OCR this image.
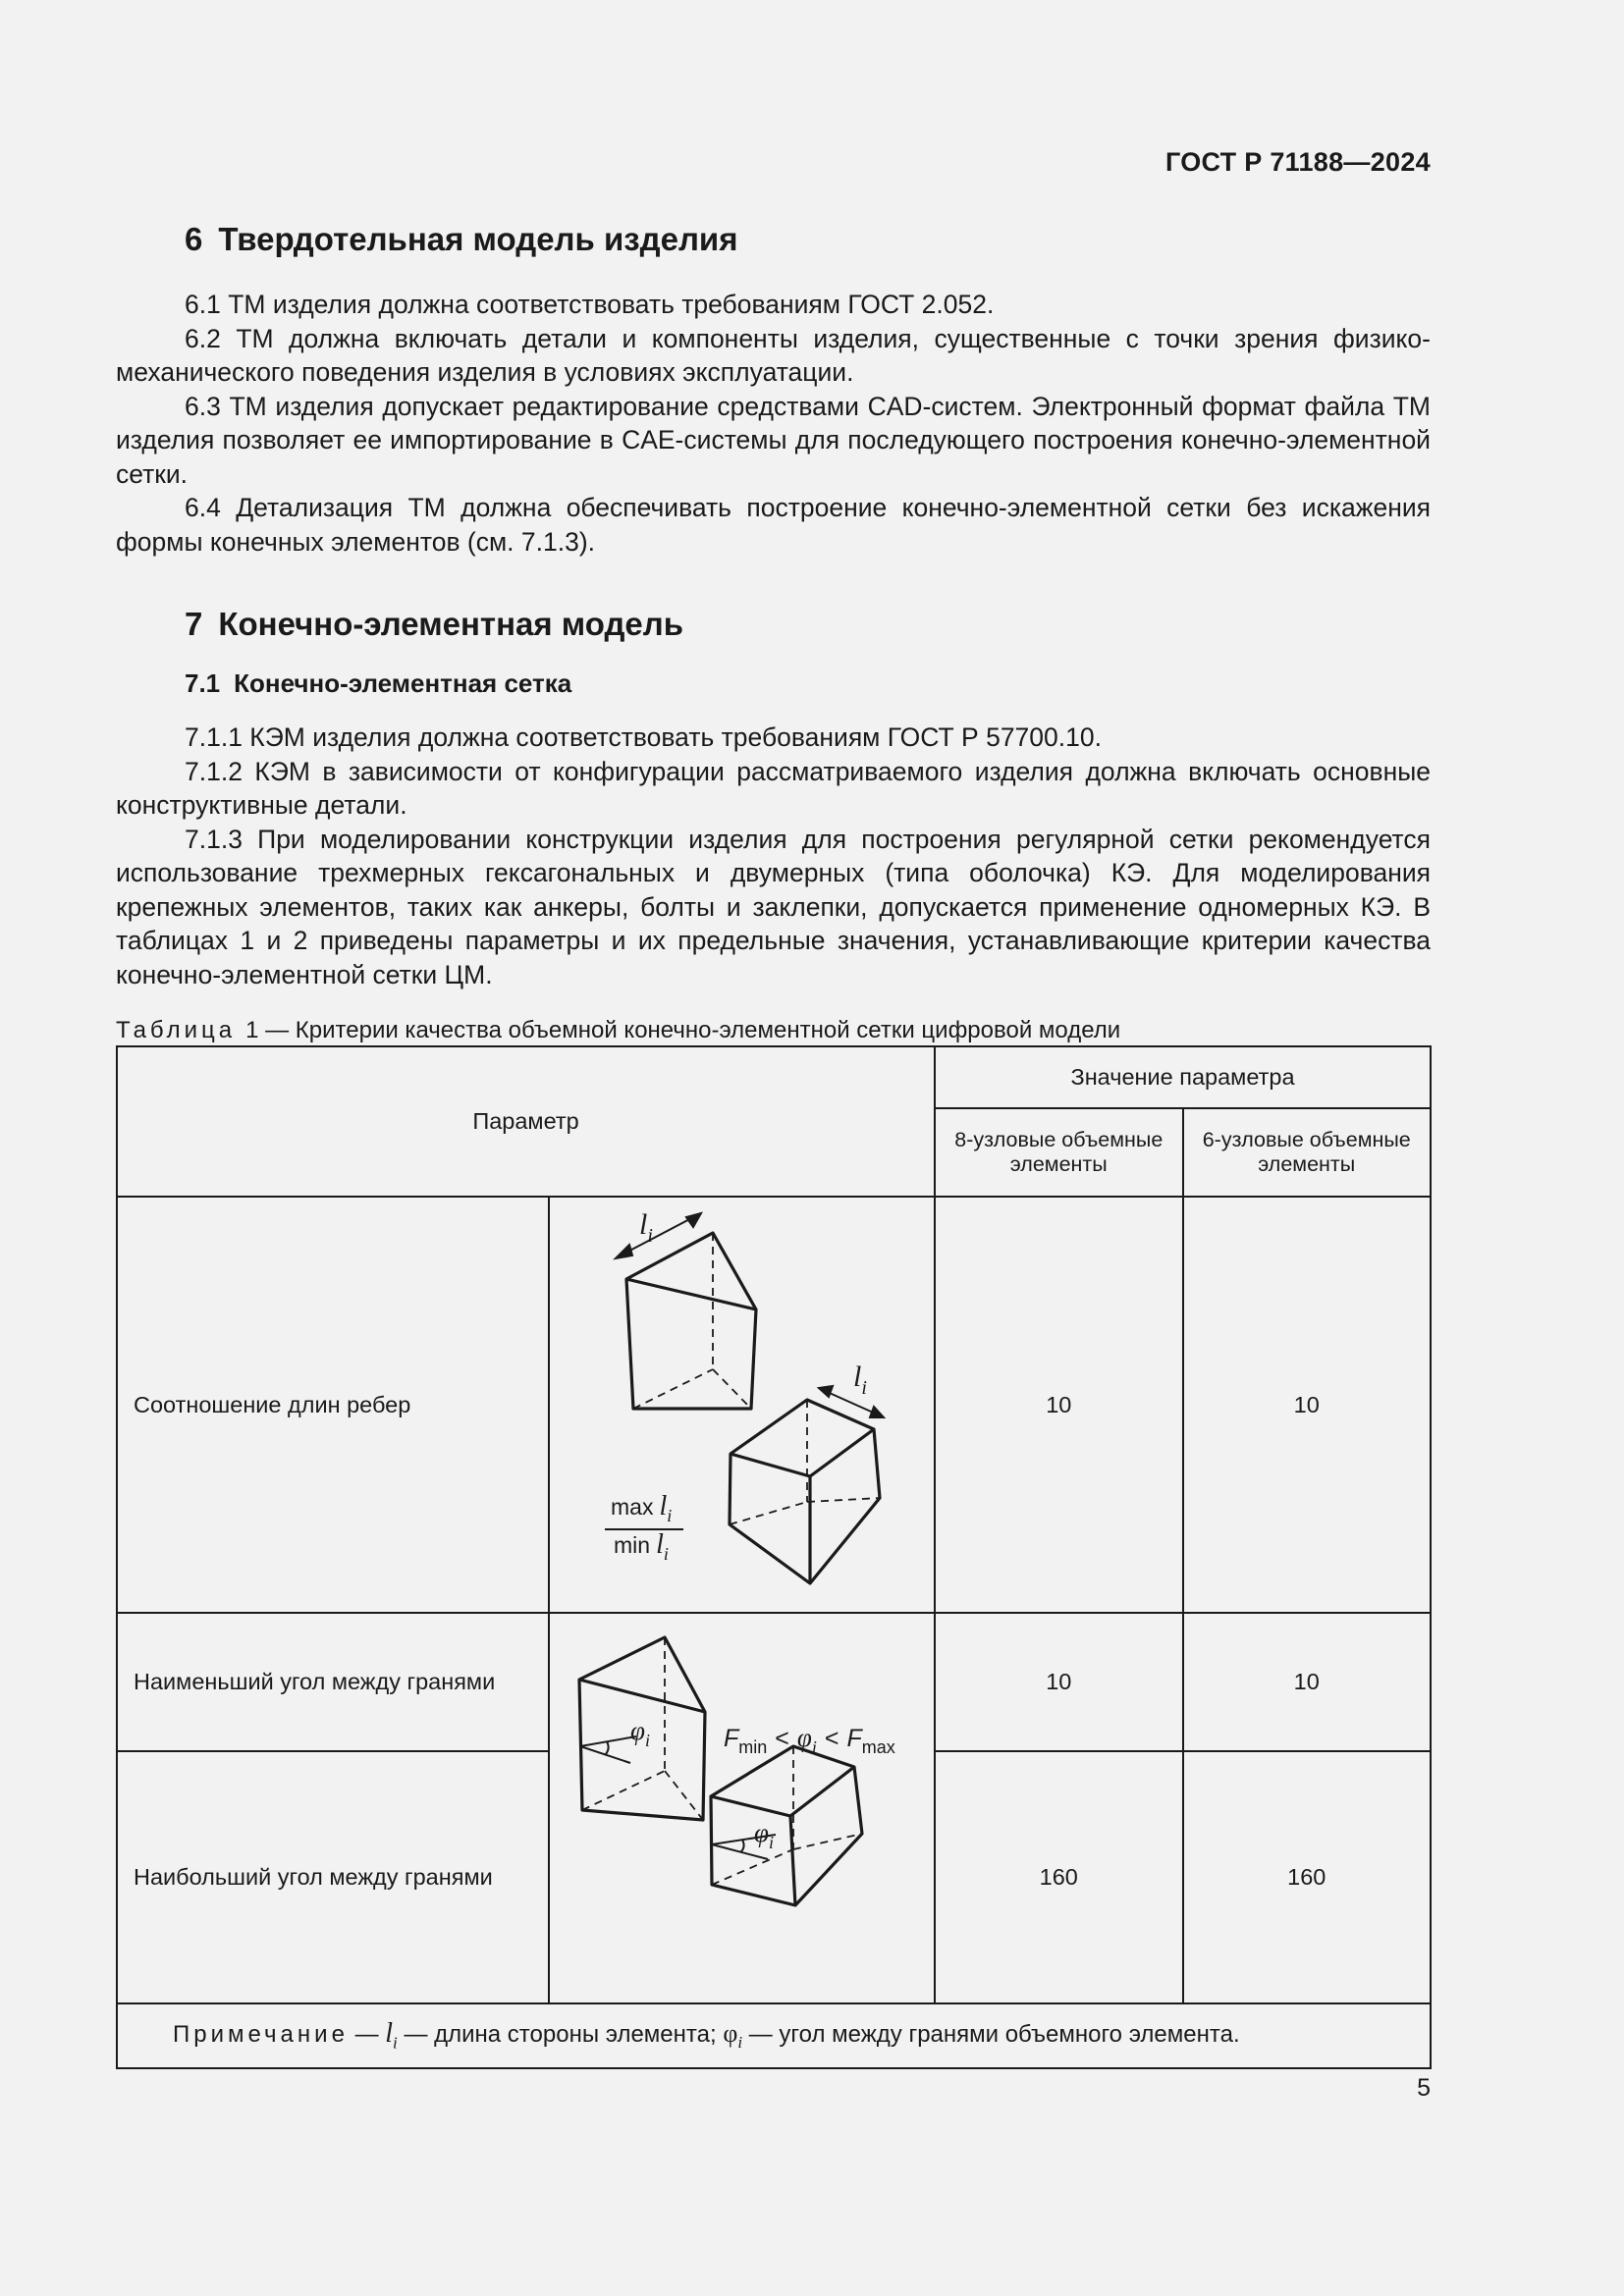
ГОСТ Р 71188—2024
6 Твердотельная модель изделия

6.1 ТМ изделия должна соответствовать требованиям ГОСТ 2.052.

6.2 ТМ должна включать детали и компоненты изделия, существенные с точки зрения физико-механического поведения изделия в условиях эксплуатации.

6.3 ТМ изделия допускает редактирование средствами CAD-систем. Электронный формат файла ТМ изделия позволяет ее импортирование в CAE-системы для последующего построения конечно-элементной сетки.

6.4 Детализация ТМ должна обеспечивать построение конечно-элементной сетки без искажения формы конечных элементов (см. 7.1.3).

7 Конечно-элементная модель
7.1 Конечно-элементная сетка

7.1.1 КЭМ изделия должна соответствовать требованиям ГОСТ Р 57700.10.

7.1.2 КЭМ в зависимости от конфигурации рассматриваемого изделия должна включать основные конструктивные детали.

7.1.3 При моделировании конструкции изделия для построения регулярной сетки рекомендуется использование трехмерных гексагональных и двумерных (типа оболочка) КЭ. Для моделирования крепежных элементов, таких как анкеры, болты и заклепки, допускается применение одномерных КЭ. В таблицах 1 и 2 приведены параметры и их предельные значения, устанавливающие критерии качества конечно-элементной сетки ЦМ.

Таблица 1 — Критерии качества объемной конечно-элементной сетки цифровой модели
Параметр		Значение параметра	
		8-узловые объемные элементы	6-узловые объемные элементы
Соотношение длин ребер	$l_i$
$l_i$
$\max l_i$
$\min l_i$	10	10
Наименьший угол между гранями	$\varphi_i$
$\varphi_i$
$F_{min} < \varphi_i < F_{max}$	10	10
Наибольший угол между гранями		160	160
Примечание — $l_i$ — длина стороны элемента; $\varphi_i$ — угол между гранями объемного элемента.			
5
